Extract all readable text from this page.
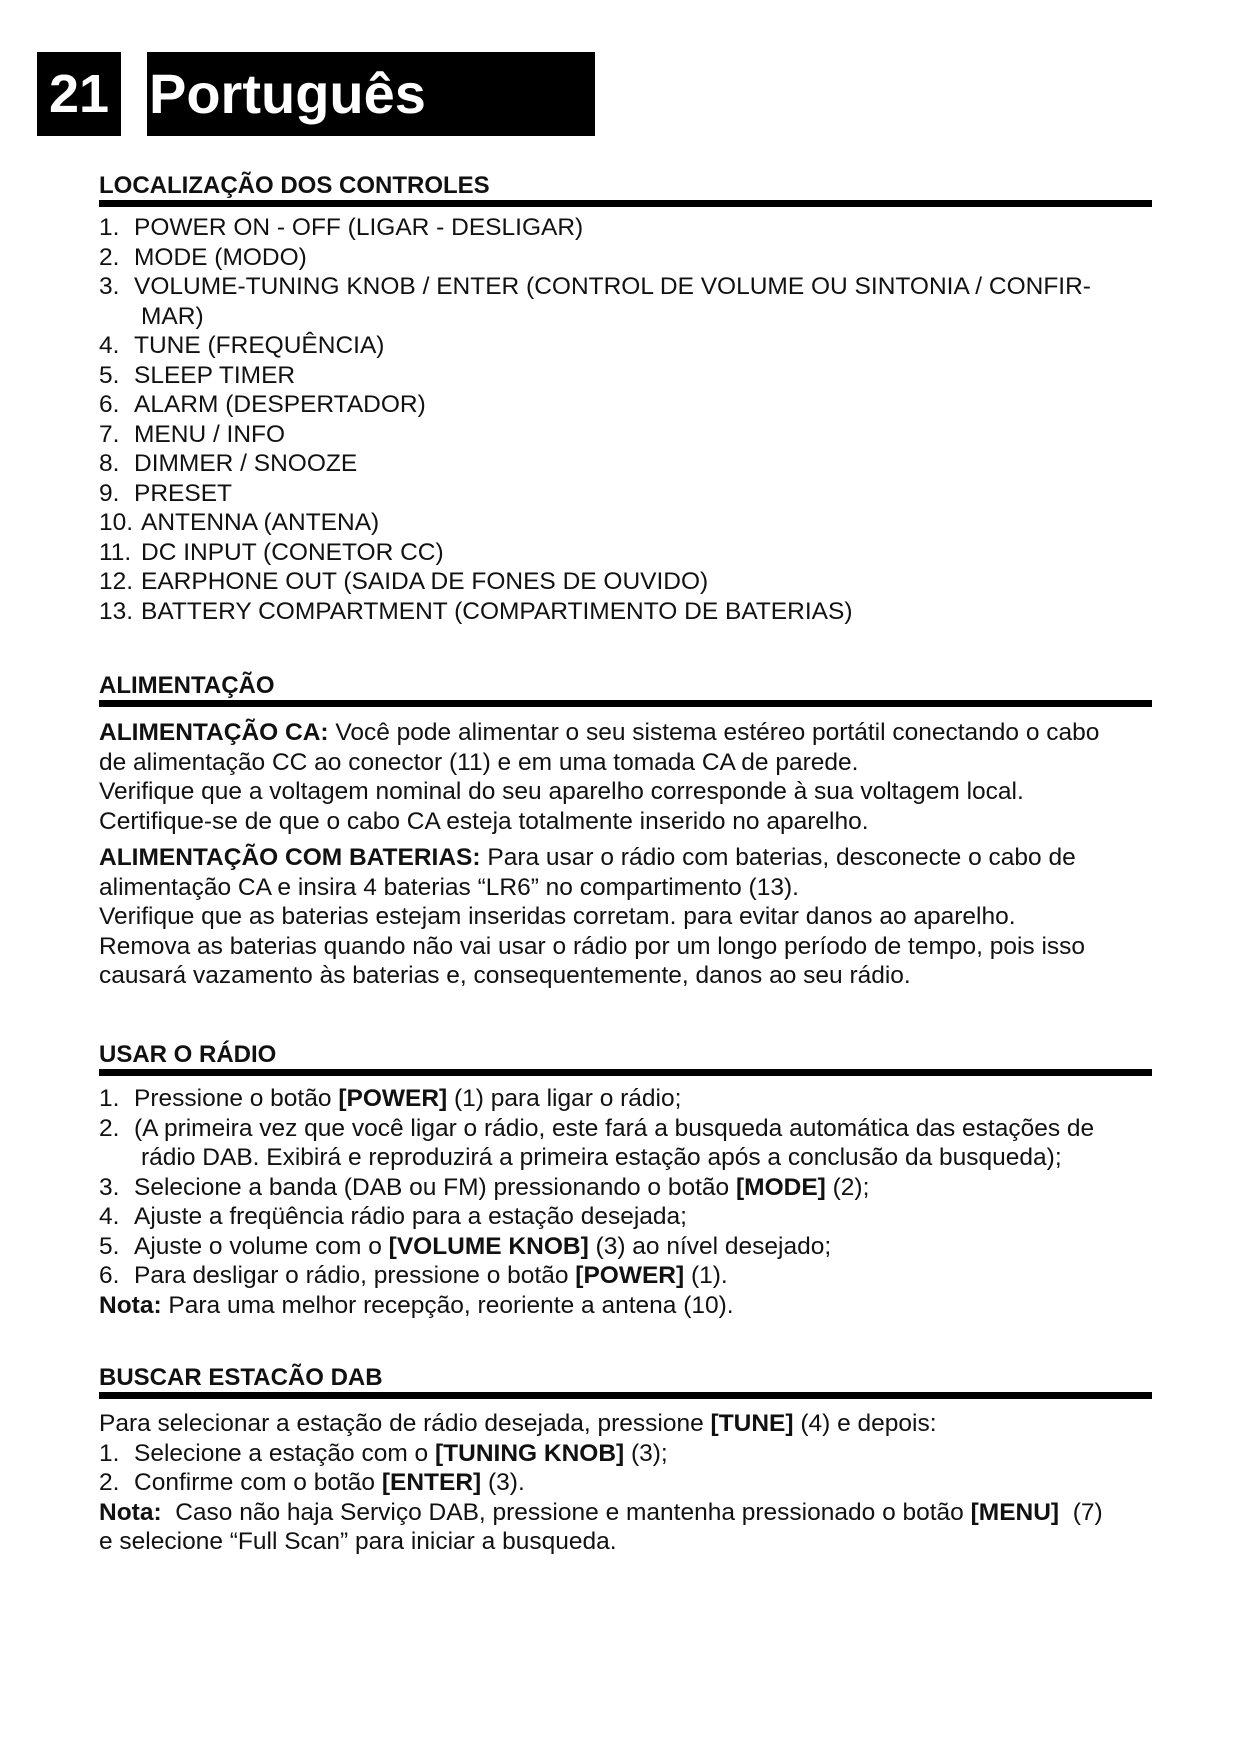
21 Português
LOCALIZAÇÃO DOS CONTROLES
1. POWER ON - OFF (LIGAR - DESLIGAR)
2. MODE (MODO)
3. VOLUME-TUNING KNOB / ENTER (CONTROL DE VOLUME OU SINTONIA / CONFIR-
MAR)
4. TUNE (FREQUÊNCIA)
5. SLEEP TIMER
6. ALARM (DESPERTADOR)
7. MENU / INFO
8. DIMMER / SNOOZE
9. PRESET
10. ANTENNA (ANTENA)
11. DC INPUT (CONETOR CC)
12. EARPHONE OUT (SAIDA DE FONES DE OUVIDO)
13. BATTERY COMPARTMENT (COMPARTIMENTO DE BATERIAS)
ALIMENTAÇÃO
ALIMENTAÇÃO CA: Você pode alimentar o seu sistema estéreo portátil conectando o cabo
de alimentação CC ao conector (11) e em uma tomada CA de parede.
Verifique que a voltagem nominal do seu aparelho corresponde à sua voltagem local.
Certifique-se de que o cabo CA esteja totalmente inserido no aparelho.
ALIMENTAÇÃO COM BATERIAS: Para usar o rádio com baterias, desconecte o cabo de
alimentação CA e insira 4 baterias “LR6” no compartimento (13).
Verifique que as baterias estejam inseridas corretam. para evitar danos ao aparelho.
Remova as baterias quando não vai usar o rádio por um longo período de tempo, pois isso
causará vazamento às baterias e, consequentemente, danos ao seu rádio.
USAR O RÁDIO
1. Pressione o botão [POWER] (1) para ligar o rádio;
2. (A primeira vez que você ligar o rádio, este fará a busqueda automática das estações de
rádio DAB. Exibirá e reproduzirá a primeira estação após a conclusão da busqueda);
3. Selecione a banda (DAB ou FM) pressionando o botão [MODE] (2);
4. Ajuste a freqüência rádio para a estação desejada;
5. Ajuste o volume com o [VOLUME KNOB] (3) ao nível desejado;
6. Para desligar o rádio, pressione o botão [POWER] (1).
Nota: Para uma melhor recepção, reoriente a antena (10).
BUSCAR ESTACÃO DAB
Para selecionar a estação de rádio desejada, pressione [TUNE] (4) e depois:
1. Selecione a estação com o [TUNING KNOB] (3);
2. Confirme com o botão [ENTER] (3).
Nota:  Caso não haja Serviço DAB, pressione e mantenha pressionado o botão [MENU]  (7)
e selecione “Full Scan” para iniciar a busqueda.
